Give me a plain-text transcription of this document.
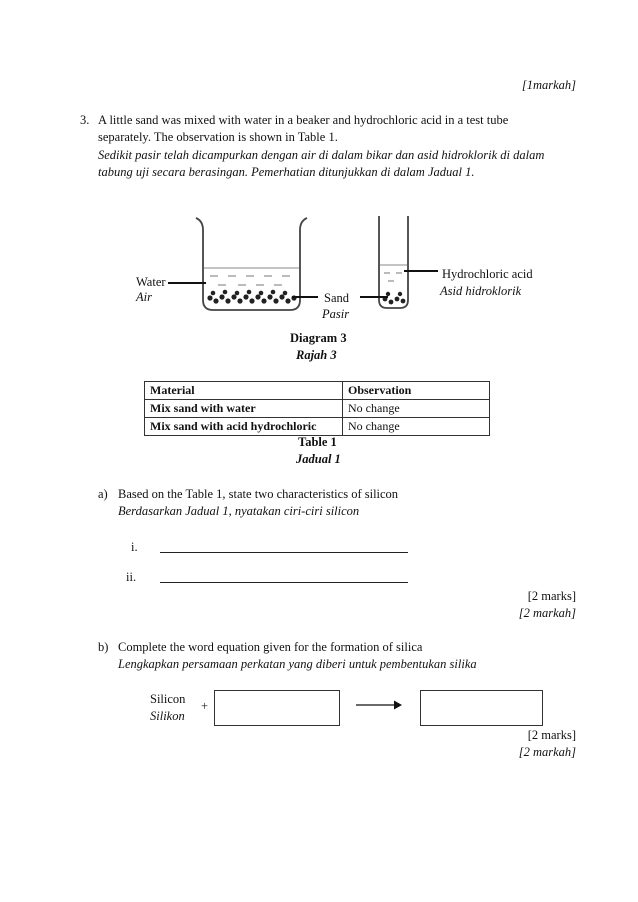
[1markah]
3. A little sand was mixed with water in a beaker and hydrochloric acid in a test tube
separately. The observation is shown in Table 1.
Sedikit pasir telah dicampurkan dengan air di dalam bikar dan asid hidroklorik di dalam
tabung uji secara berasingan. Pemerhatian ditunjukkan di dalam Jadual 1.
Water
Air	Sand
Pasir
Hydrochloric acid
Asid hidroklorik
Diagram 3
Rajah 3
Material	Observation
Mix sand with water	No change
Mix sand with acid hydrochloric	No change
Table 1
Jadual 1
a) Based on the Table 1, state two characteristics of silicon
Berdasarkan Jadual 1, nyatakan ciri-ciri silicon
i.
ii.
[2 marks]
[2 markah]
b) Complete the word equation given for the formation of silica
Lengkapkan persamaan perkatan yang diberi untuk pembentukan silika
Silicon
Silikon
+
[2 marks]
[2 markah]
